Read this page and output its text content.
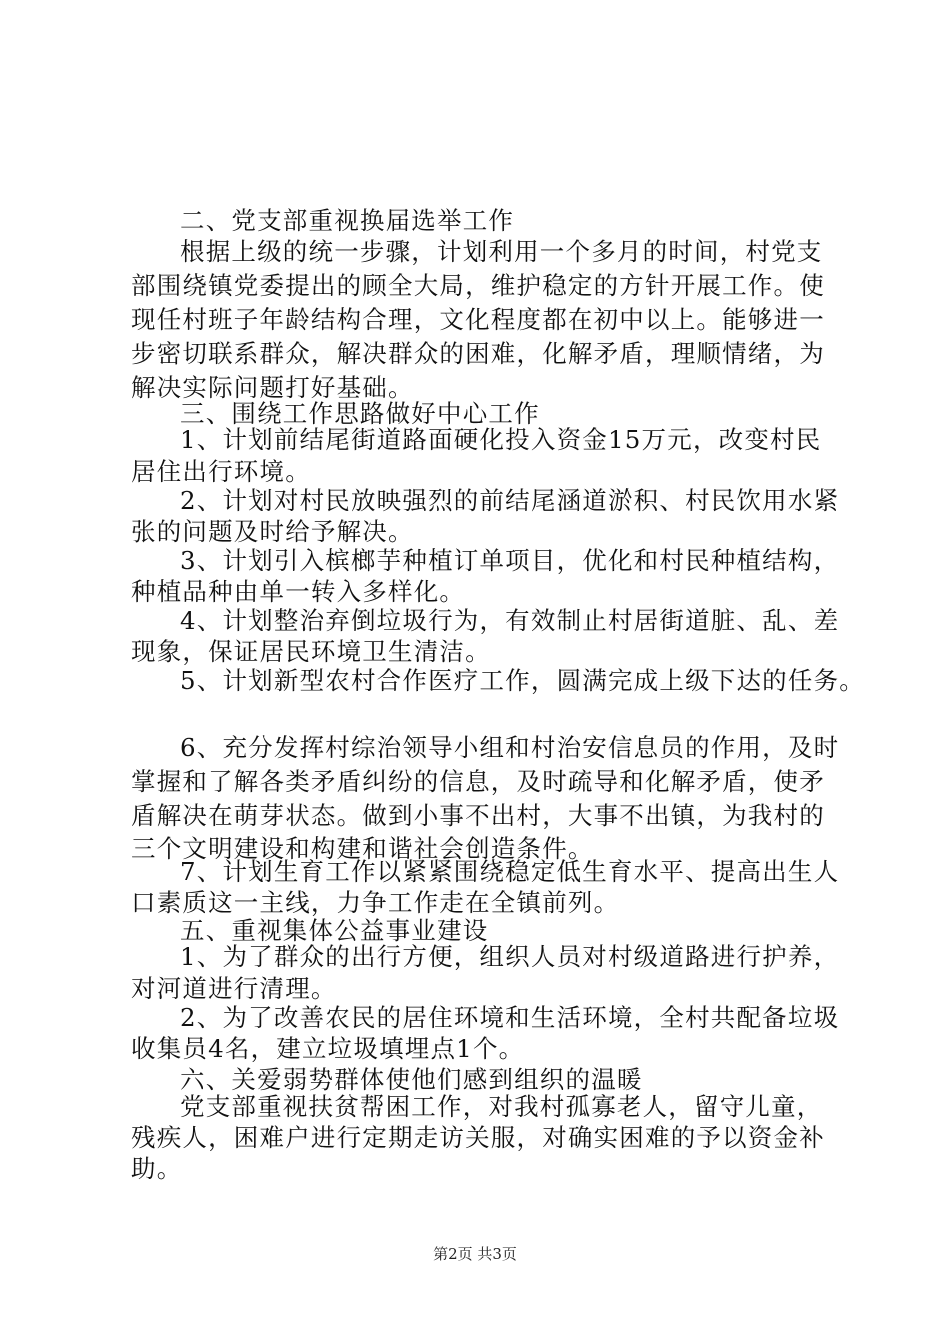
二、党支部重视换届选举工作
根据上级的统一步骤，计划利用一个多月的时间，村党支
部围绕镇党委提出的顾全大局，维护稳定的方针开展工作。使
现任村班子年龄结构合理，文化程度都在初中以上。能够进一
步密切联系群众，解决群众的困难，化解矛盾，理顺情绪，为
解决实际问题打好基础。
三、围绕工作思路做好中心工作
1、计划前结尾街道路面硬化投入资金15万元，改变村民
居住出行环境。
2、计划对村民放映强烈的前结尾涵道淤积、村民饮用水紧
张的问题及时给予解决。
3、计划引入槟榔芋种植订单项目，优化和村民种植结构，
种植品种由单一转入多样化。
4、计划整治弃倒垃圾行为，有效制止村居街道脏、乱、差
现象，保证居民环境卫生清洁。
5、计划新型农村合作医疗工作，圆满完成上级下达的任务。
6、充分发挥村综治领导小组和村治安信息员的作用，及时
掌握和了解各类矛盾纠纷的信息，及时疏导和化解矛盾，使矛
盾解决在萌芽状态。做到小事不出村，大事不出镇，为我村的
三个文明建设和构建和谐社会创造条件。
7、计划生育工作以紧紧围绕稳定低生育水平、提高出生人
口素质这一主线，力争工作走在全镇前列。
五、重视集体公益事业建设
1、为了群众的出行方便，组织人员对村级道路进行护养，
对河道进行清理。
2、为了改善农民的居住环境和生活环境，全村共配备垃圾
收集员4名，建立垃圾填埋点1个。
六、关爱弱势群体使他们感到组织的温暖
党支部重视扶贫帮困工作，对我村孤寡老人，留守儿童，
残疾人，困难户进行定期走访关服，对确实困难的予以资金补
助。
第2页 共3页
